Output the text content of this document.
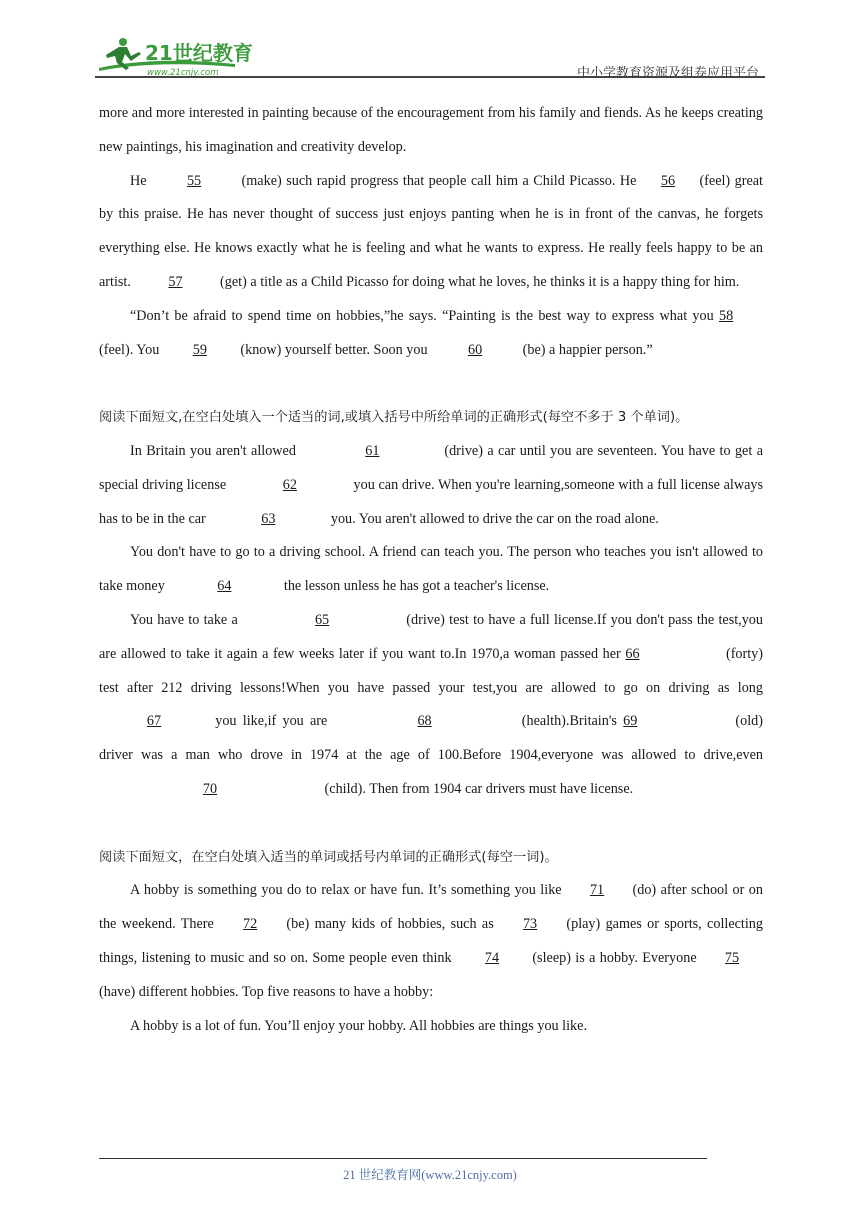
21世纪教育
www.21cnjy.com	中小学教育资源及组卷应用平台

more and more interested in painting because of the encouragement from his family and fiends. As he keeps creating new paintings, his imagination and creativity develop.

He	55	(make) such rapid progress that people call him a Child Picasso. He 56 (feel) great by this praise. He has never thought of success just enjoys panting when he is in front of the canvas, he forgets everything else. He knows exactly what he is feeling and what he wants to express. He really feels happy to be an artist. 57 (get) a title as a Child Picasso for doing what he loves, he thinks it is a happy thing for him.

“Don’t be afraid to spend time on hobbies,”he says. “Painting is the best way to express what you 58 (feel). You 59 (know) yourself better. Soon you	60	(be) a happier person.”

阅读下面短文,在空白处填入一个适当的词,或填入括号中所给单词的正确形式(每空不多于 3 个单词)。

In Britain you aren't allowed	61	(drive) a car until you are seventeen. You have to get a special driving license	62	you can drive. When you're learning,someone with a full license always has to be in the car	63	you. You aren't allowed to drive the car on the road alone.

You don't have to go to a driving school. A friend can teach you. The person who teaches you isn't allowed to take money	64	the lesson unless he has got a teacher's license.

You have to take a	65	(drive) test to have a full license.If you don't pass the test,you are allowed to take it again a few weeks later if you want to.In 1970,a woman passed her 66	(forty) test after 212 driving lessons!When you have passed your test,you are allowed to go on driving as long 67	you like,if you are	68	(health).Britain's 69	(old) driver was a man who drove in 1974 at the age of 100.Before 1904,everyone was allowed to drive,even 70	(child). Then from 1904 car drivers must have license.

阅读下面短文，在空白处填入适当的单词或括号内单词的正确形式(每空一词)。

A hobby is something you do to relax or have fun. It’s something you like 71 (do) after school or on the weekend. There 72 (be) many kids of hobbies, such as 73 (play) games or sports, collecting things, listening to music and so on. Some people even think 74 (sleep) is a hobby. Everyone 75 (have) different hobbies. Top five reasons to have a hobby:

A hobby is a lot of fun. You’ll enjoy your hobby. All hobbies are things you like.

21 世纪教育网(www.21cnjy.com)
